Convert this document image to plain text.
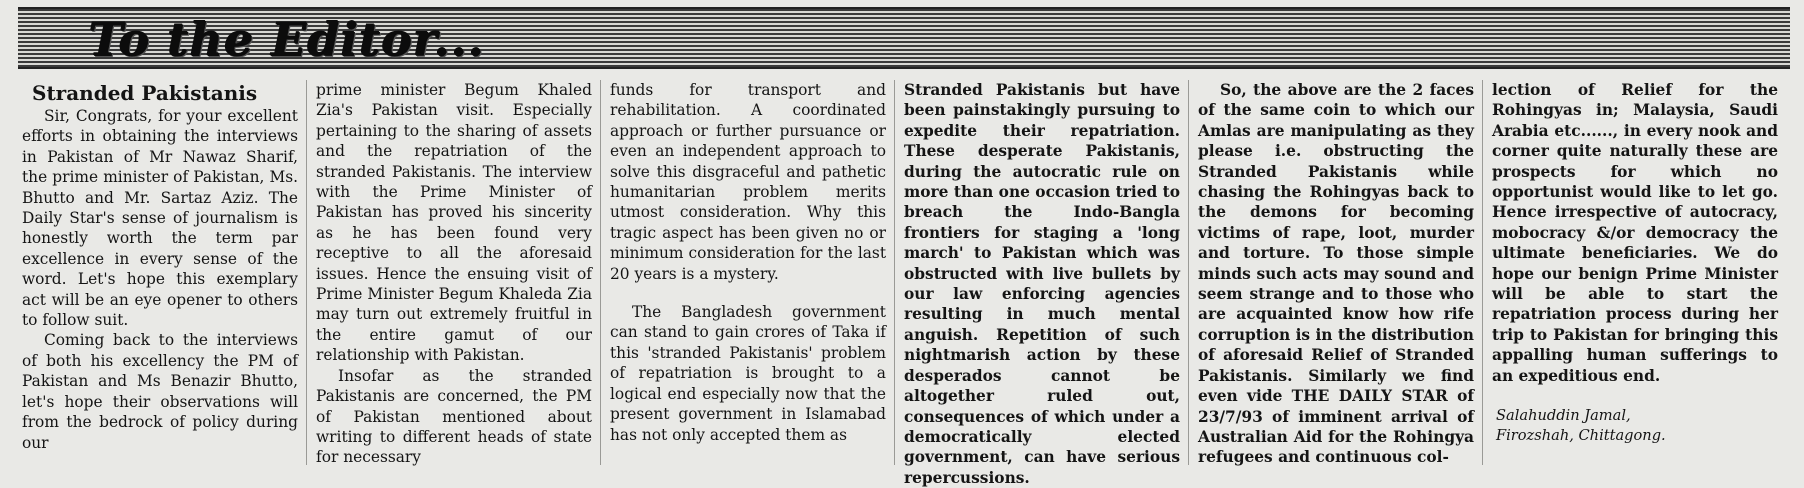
To the Editor...
Stranded Pakistanis

Sir, Congrats, for your excellent efforts in obtaining the interviews in Pakistan of Mr Nawaz Sharif, the prime minister of Pakistan, Ms. Bhutto and Mr. Sartaz Aziz. The Daily Star's sense of journalism is honestly worth the term par excellence in every sense of the word. Let's hope this exemplary act will be an eye opener to others to follow suit.

Coming back to the interviews of both his excellency the PM of Pakistan and Ms Benazir Bhutto, let's hope their observations will from the bedrock of policy during our

prime minister Begum Khaled Zia's Pakistan visit. Especially pertaining to the sharing of assets and the repatriation of the stranded Pakistanis. The interview with the Prime Minister of Pakistan has proved his sincerity as he has been found very receptive to all the aforesaid issues. Hence the ensuing visit of Prime Minister Begum Khaleda Zia may turn out extremely fruitful in the entire gamut of our relationship with Pakistan.

Insofar as the stranded Pakistanis are concerned, the PM of Pakistan mentioned about writing to different heads of state for necessary

funds for transport and rehabilitation. A coordinated approach or further pursuance or even an independent approach to solve this disgraceful and pathetic humanitarian problem merits utmost consideration. Why this tragic aspect has been given no or minimum consideration for the last 20 years is a mystery.

The Bangladesh government can stand to gain crores of Taka if this 'stranded Pakistanis' problem of repatriation is brought to a logical end especially now that the present government in Islamabad has not only accepted them as

Stranded Pakistanis but have been painstakingly pursuing to expedite their repatriation. These desperate Pakistanis, during the autocratic rule on more than one occasion tried to breach the Indo-Bangla frontiers for staging a 'long march' to Pakistan which was obstructed with live bullets by our law enforcing agencies resulting in much mental anguish. Repetition of such nightmarish action by these desperados cannot be altogether ruled out, consequences of which under a democratically elected government, can have serious repercussions.

So, the above are the 2 faces of the same coin to which our Amlas are manipulating as they please i.e. obstructing the Stranded Pakistanis while chasing the Rohingyas back to the demons for becoming victims of rape, loot, murder and torture. To those simple minds such acts may sound and seem strange and to those who are acquainted know how rife corruption is in the distribution of aforesaid Relief of Stranded Pakistanis. Similarly we find even vide THE DAILY STAR of 23/7/93 of imminent arrival of Australian Aid for the Rohingya refugees and continuous col-

lection of Relief for the Rohingyas in; Malaysia, Saudi Arabia etc......, in every nook and corner quite naturally these are prospects for which no opportunist would like to let go. Hence irrespective of autocracy, mobocracy &/or democracy the ultimate beneficiaries. We do hope our benign Prime Minister will be able to start the repatriation process during her trip to Pakistan for bringing this appalling human sufferings to an expeditious end.

Salahuddin Jamal,
Firozshah, Chittagong.
